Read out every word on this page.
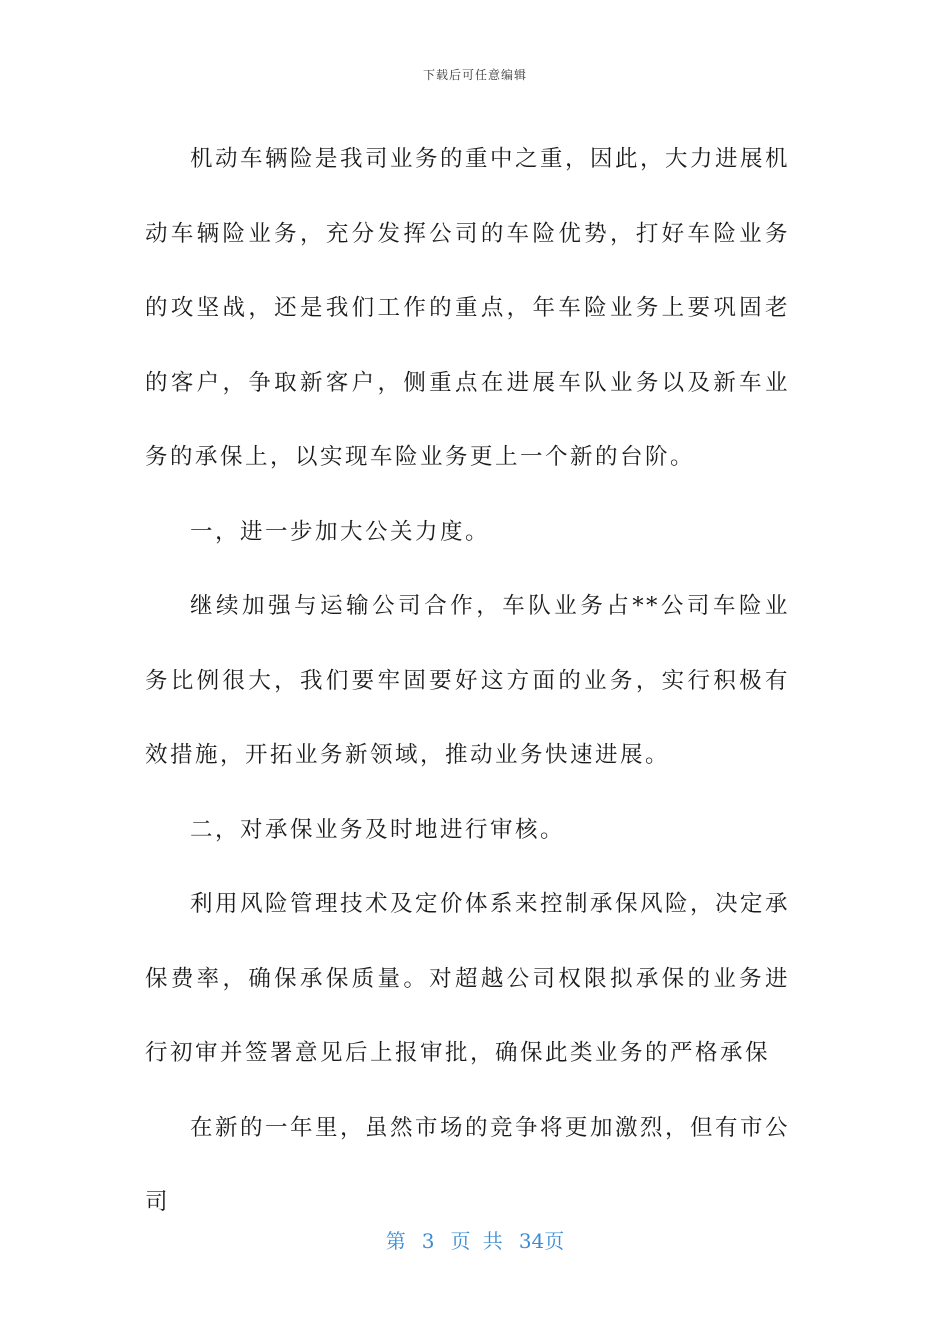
下载后可任意编辑

机动车辆险是我司业务的重中之重，因此，大力进展机动车辆险业务，充分发挥公司的车险优势，打好车险业务的攻坚战，还是我们工作的重点，年车险业务上要巩固老的客户，争取新客户，侧重点在进展车队业务以及新车业务的承保上，以实现车险业务更上一个新的台阶。

一，进一步加大公关力度。

继续加强与运输公司合作，车队业务占**公司车险业务比例很大，我们要牢固要好这方面的业务，实行积极有效措施，开拓业务新领域，推动业务快速进展。

二，对承保业务及时地进行审核。

利用风险管理技术及定价体系来控制承保风险，决定承保费率，确保承保质量。对超越公司权限拟承保的业务进行初审并签署意见后上报审批，确保此类业务的严格承保

在新的一年里，虽然市场的竞争将更加激烈，但有市公司

第 3 页 共 34页
